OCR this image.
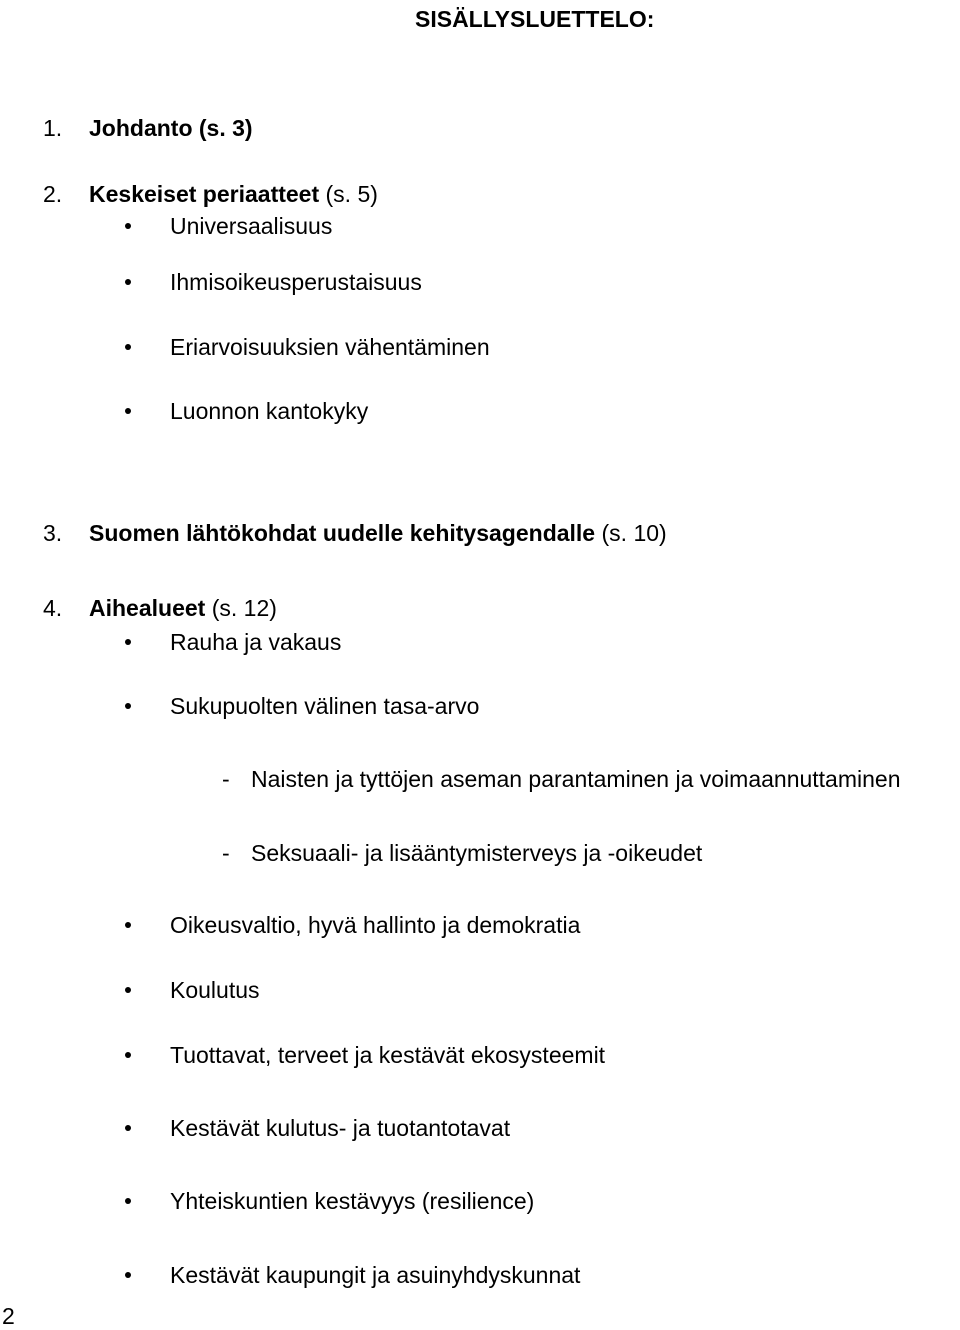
SISÄLLYSLUETTELO:
1. Johdanto (s. 3)
2. Keskeiset periaatteet (s. 5)
Universaalisuus
Ihmisoikeusperustaisuus
Eriarvoisuuksien vähentäminen
Luonnon kantokyky
3. Suomen lähtökohdat uudelle kehitysagendalle (s. 10)
4. Aihealueet (s. 12)
Rauha ja vakaus
Sukupuolten välinen tasa-arvo
- Naisten ja tyttöjen aseman parantaminen ja voimaannuttaminen
- Seksuaali- ja lisääntymisterveys ja -oikeudet
Oikeusvaltio, hyvä hallinto ja demokratia
Koulutus
Tuottavat, terveet ja kestävät ekosysteemit
Kestävät kulutus- ja tuotantotavat
Yhteiskuntien kestävyys (resilience)
Kestävät kaupungit ja asuinyhdyskunnat
2
